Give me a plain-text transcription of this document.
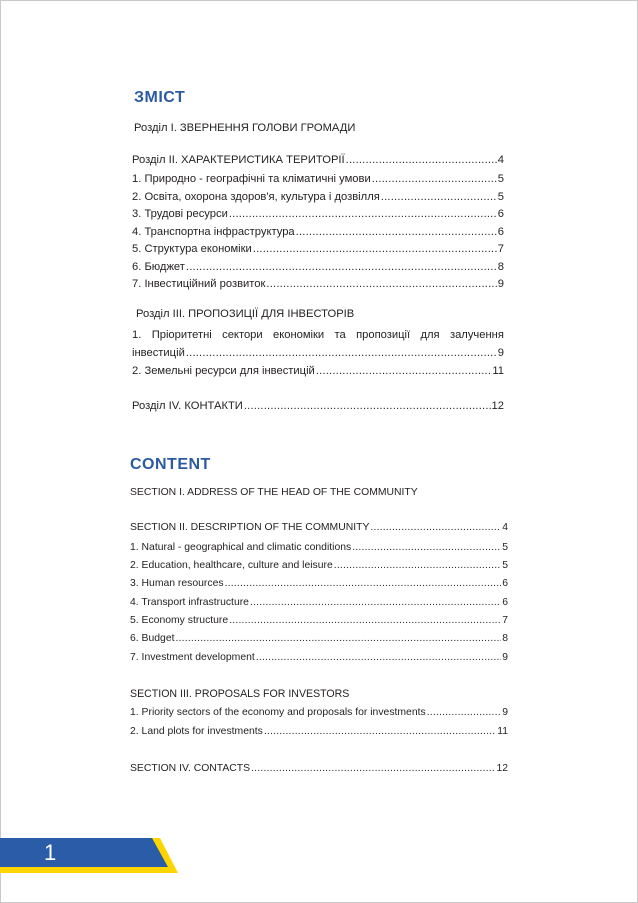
ЗМІСТ
Розділ І. ЗВЕРНЕННЯ ГОЛОВИ ГРОМАДИ
Розділ ІІ. ХАРАКТЕРИСТИКА ТЕРИТОРІЇ .....	4
1. Природно - географічні та кліматичні умови .....	5
2. Освіта, охорона здоров'я, культура і дозвілля .....	5
3. Трудові ресурси .....	6
4. Транспортна інфраструктура .....	6
5. Структура економіки .....	7
6. Бюджет .....	8
7. Інвестиційний розвиток .....	9
Розділ ІІІ. ПРОПОЗИЦІЇ ДЛЯ ІНВЕСТОРІВ
1. Пріоритетні сектори економіки та пропозиції для залучення
інвестицій .....	9
2. Земельні ресурси для інвестицій .....	11
Розділ IV. КОНТАКТИ .....	12
CONTENT
SECTION I. ADDRESS OF THE HEAD OF THE COMMUNITY
SECTION II. DESCRIPTION OF THE COMMUNITY .....	4
1. Natural - geographical and climatic conditions .....	5
2. Education, healthcare, culture and leisure .....	5
3. Human resources .....	6
4. Transport infrastructure .....	6
5. Economy structure .....	7
6. Budget .....	8
7. Investment development .....	9
SECTION III. PROPOSALS FOR INVESTORS
1. Priority sectors of the economy and proposals for investments .....	9
2. Land plots for investments .....	11
SECTION IV. CONTACTS .....	12
1
